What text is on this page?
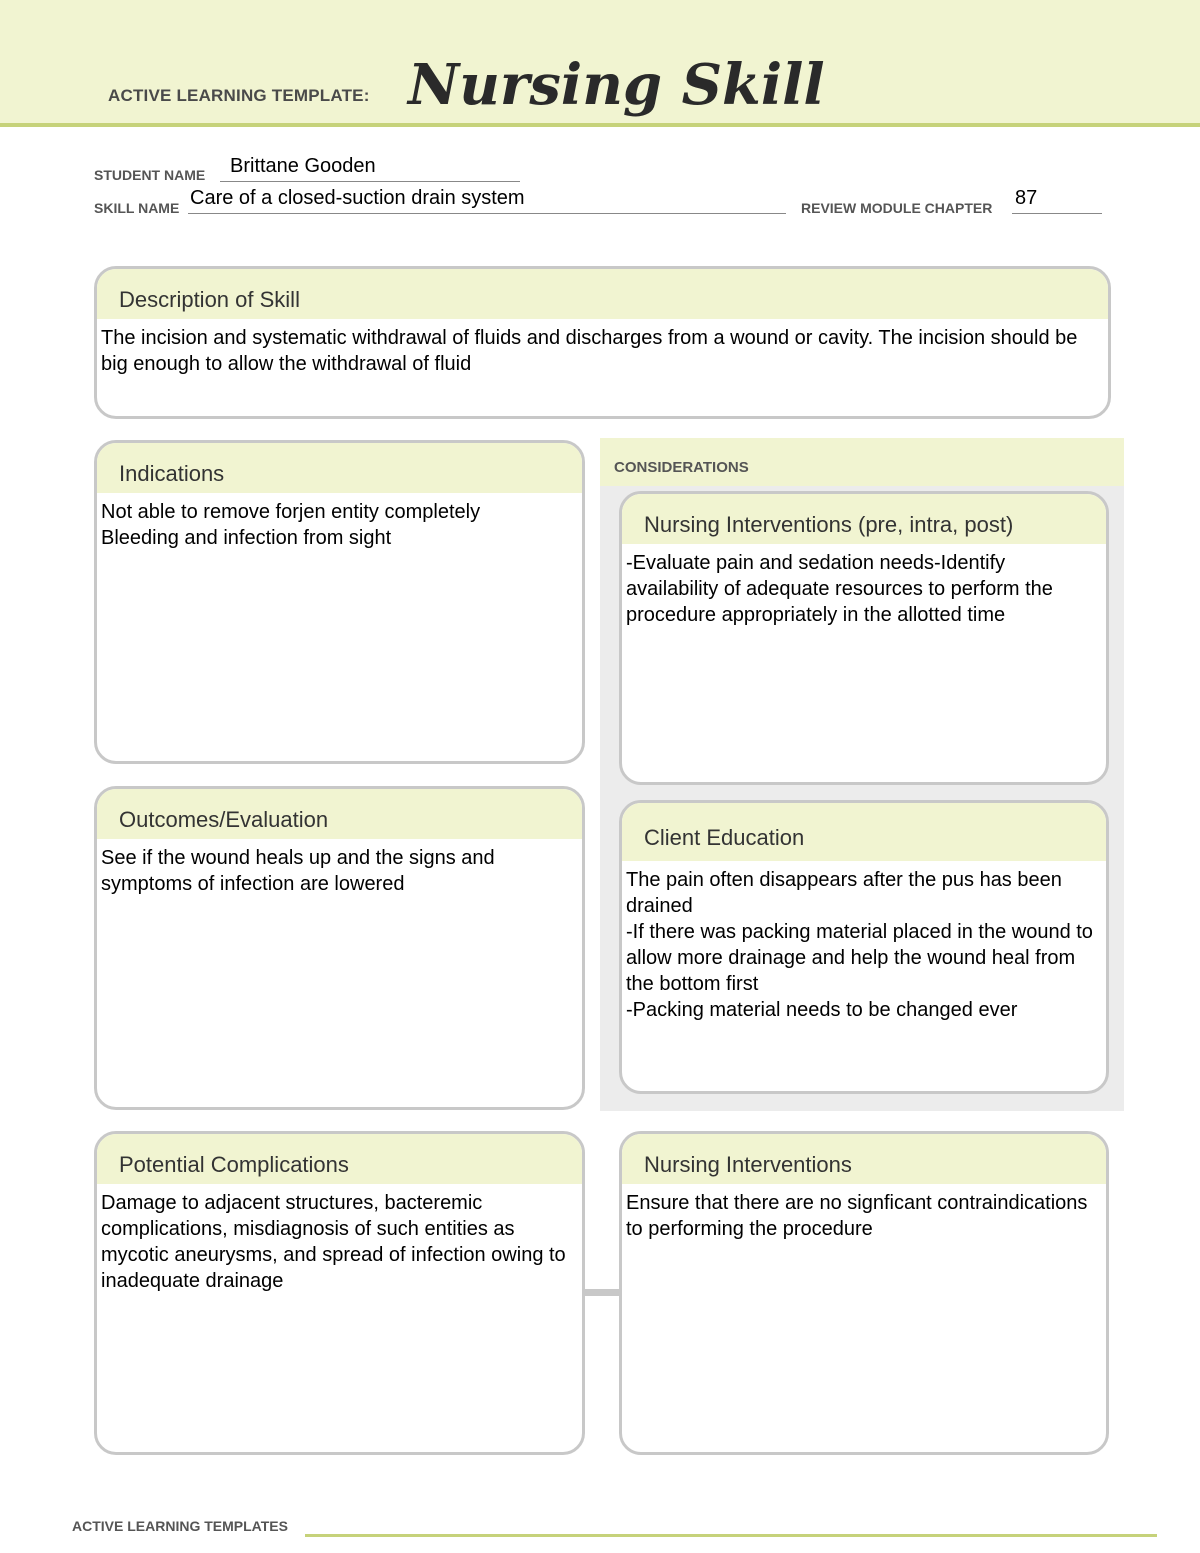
ACTIVE LEARNING TEMPLATE: Nursing Skill
STUDENT NAME Brittane Gooden
SKILL NAME Care of a closed-suction drain system	REVIEW MODULE CHAPTER 87
Description of Skill
The incision and systematic withdrawal of fluids and discharges from a wound or cavity. The incision should be big enough to allow the withdrawal of fluid
CONSIDERATIONS
Indications
Not able to remove forjen entity completely
Bleeding and infection from sight
Nursing Interventions (pre, intra, post)
-Evaluate pain and sedation needs-Identify availability of adequate resources to perform the procedure appropriately in the allotted time
Outcomes/Evaluation
See if the wound heals up and the signs and symptoms of infection are lowered
Client Education
The pain often disappears after the pus has been drained
-If there was packing material placed in the wound to allow more drainage and help the wound heal from the bottom first
-Packing material needs to be changed ever
Potential Complications
Damage to adjacent structures, bacteremic complications, misdiagnosis of such entities as mycotic aneurysms, and spread of infection owing to inadequate drainage
Nursing Interventions
Ensure that there are no signficant contraindications to performing the procedure
ACTIVE LEARNING TEMPLATES
